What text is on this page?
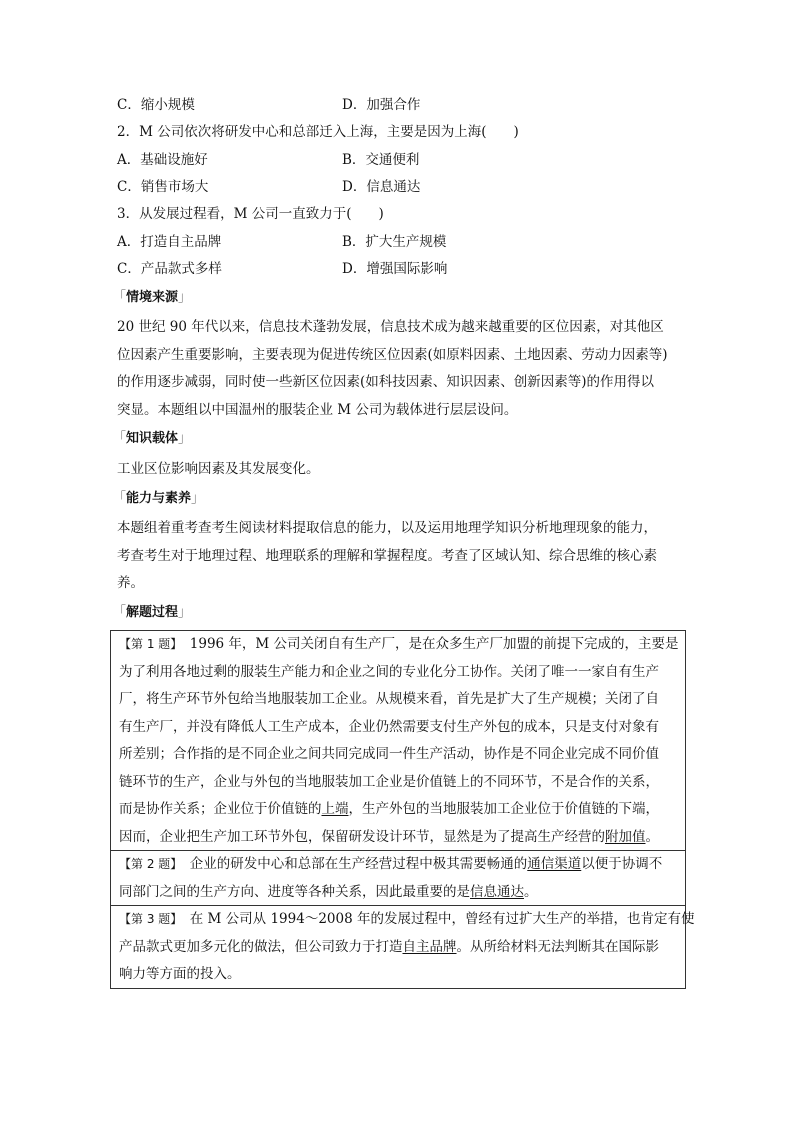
C．缩小规模	D．加强合作
2．M 公司依次将研发中心和总部迁入上海，主要是因为上海(　　)
A．基础设施好	B．交通便利
C．销售市场大	D．信息通达
3．从发展过程看，M 公司一直致力于(　　)
A．打造自主品牌	B．扩大生产规模
C．产品款式多样	D．增强国际影响
「情境来源」
20 世纪 90 年代以来，信息技术蓬勃发展，信息技术成为越来越重要的区位因素，对其他区
位因素产生重要影响，主要表现为促进传统区位因素(如原料因素、土地因素、劳动力因素等)
的作用逐步减弱，同时使一些新区位因素(如科技因素、知识因素、创新因素等)的作用得以
突显。本题组以中国温州的服装企业 M 公司为载体进行层层设问。
「知识载体」
工业区位影响因素及其发展变化。
「能力与素养」
本题组着重考查考生阅读材料提取信息的能力，以及运用地理学知识分析地理现象的能力，
考查考生对于地理过程、地理联系的理解和掌握程度。考查了区域认知、综合思维的核心素
养。
「解题过程」
【第 1 题】　1996 年，M 公司关闭自有生产厂，是在众多生产厂加盟的前提下完成的，主要是
为了利用各地过剩的服装生产能力和企业之间的专业化分工协作。关闭了唯一一家自有生产
厂，将生产环节外包给当地服装加工企业。从规模来看，首先是扩大了生产规模；关闭了自
有生产厂，并没有降低人工生产成本，企业仍然需要支付生产外包的成本，只是支付对象有
所差别；合作指的是不同企业之间共同完成同一件生产活动，协作是不同企业完成不同价值
链环节的生产，企业与外包的当地服装加工企业是价值链上的不同环节，不是合作的关系，
而是协作关系；企业位于价值链的上端，生产外包的当地服装加工企业位于价值链的下端，
因而，企业把生产加工环节外包，保留研发设计环节，显然是为了提高生产经营的附加值。
【第 2 题】　企业的研发中心和总部在生产经营过程中极其需要畅通的通信渠道以便于协调不
同部门之间的生产方向、进度等各种关系，因此最重要的是信息通达。
【第 3 题】　在 M 公司从 1994～2008 年的发展过程中，曾经有过扩大生产的举措，也肯定有使
产品款式更加多元化的做法，但公司致力于打造自主品牌。从所给材料无法判断其在国际影
响力等方面的投入。
